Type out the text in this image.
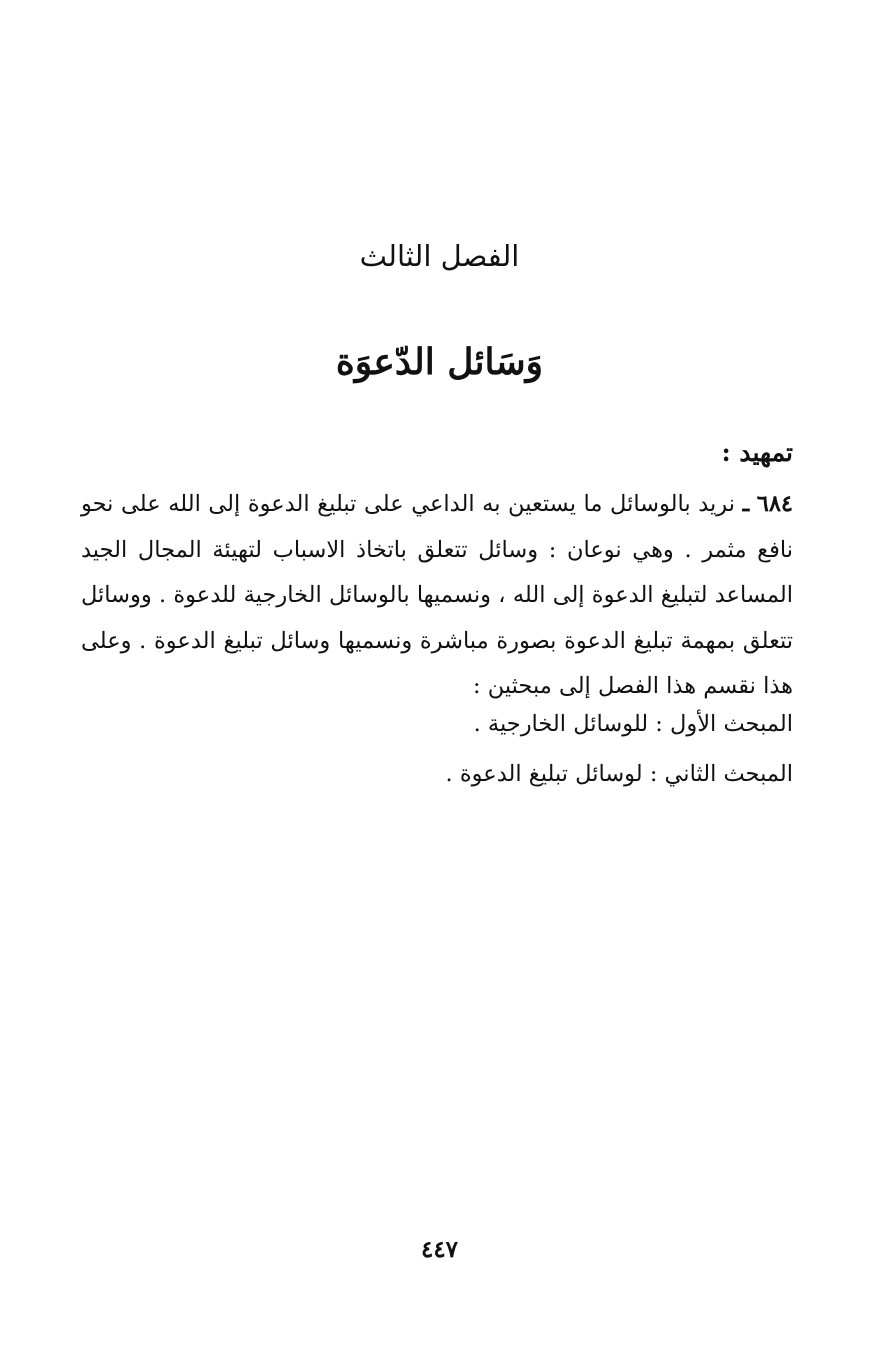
الفصل الثالث
وَسَائل الدّعوَة
تمهيد :

٦٨٤ ـ نريد بالوسائل ما يستعين به الداعي على تبليغ الدعوة إلى الله على نحو نافع مثمر . وهي نوعان : وسائل تتعلق باتخاذ الاسباب لتهيئة المجال الجيد المساعد لتبليغ الدعوة إلى الله ، ونسميها بالوسائل الخارجية للدعوة . ووسائل تتعلق بمهمة تبليغ الدعوة بصورة مباشرة ونسميها وسائل تبليغ الدعوة . وعلى هذا نقسم هذا الفصل إلى مبحثين :

المبحث الأول : للوسائل الخارجية .
المبحث الثاني : لوسائل تبليغ الدعوة .
٤٤٧
